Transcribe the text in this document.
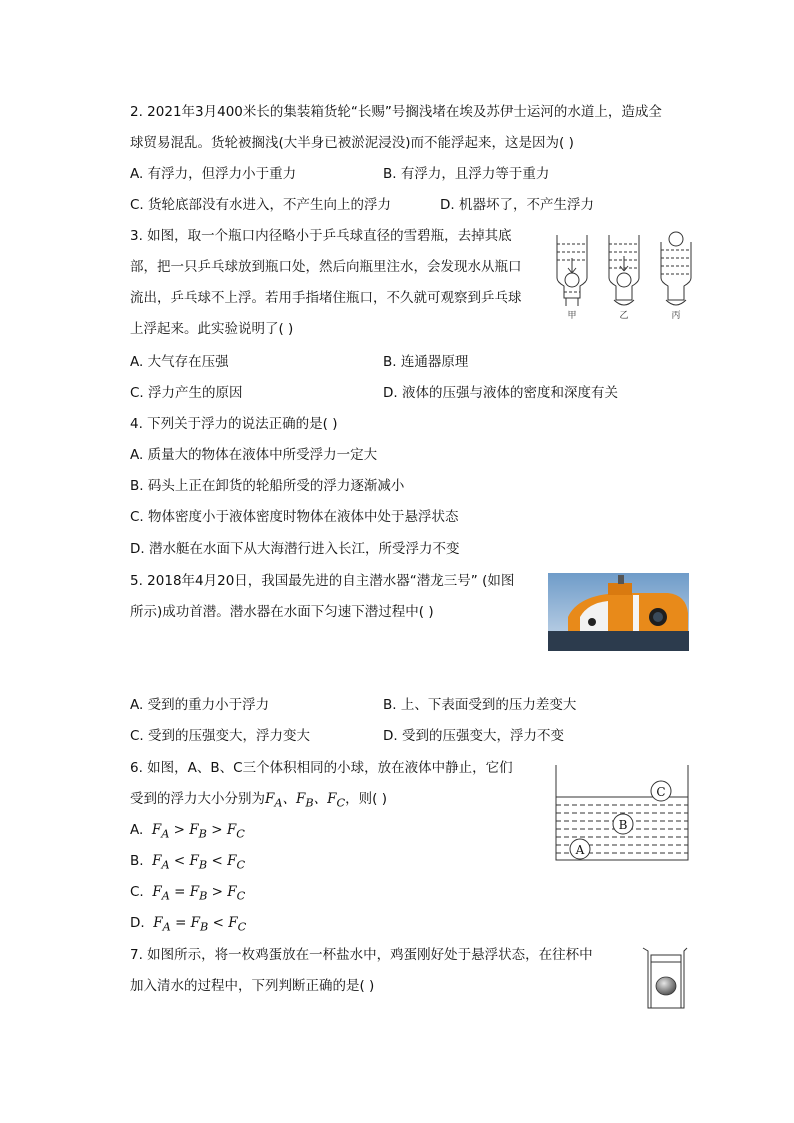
2. 2021年3月400米长的集装箱货轮“长赐”号搁浅堵在埃及苏伊士运河的水道上，造成全
球贸易混乱。货轮被搁浅(大半身已被淤泥浸没)而不能浮起来，这是因为( )
A. 有浮力，但浮力小于重力	B. 有浮力，且浮力等于重力
C. 货轮底部没有水进入，不产生向上的浮力	D. 机器坏了，不产生浮力
3. 如图，取一个瓶口内径略小于乒乓球直径的雪碧瓶，去掉其底
部，把一只乒乓球放到瓶口处，然后向瓶里注水，会发现水从瓶口
流出，乒乓球不上浮。若用手指堵住瓶口，不久就可观察到乒乓球
上浮起来。此实验说明了( )
甲	乙	丙
A. 大气存在压强	B. 连通器原理
C. 浮力产生的原因	D. 液体的压强与液体的密度和深度有关
4. 下列关于浮力的说法正确的是( )
A. 质量大的物体在液体中所受浮力一定大
B. 码头上正在卸货的轮船所受的浮力逐渐减小
C. 物体密度小于液体密度时物体在液体中处于悬浮状态
D. 潜水艇在水面下从大海潜行进入长江，所受浮力不变
5. 2018年4月20日，我国最先进的自主潜水器“潜龙三号” (如图
所示)成功首潜。潜水器在水面下匀速下潜过程中( )
A. 受到的重力小于浮力	B. 上、下表面受到的压力差变大
C. 受到的压强变大，浮力变大	D. 受到的压强变大，浮力不变
6. 如图，A、B、C三个体积相同的小球，放在液体中静止，它们
受到的浮力大小分别为$F_A$、$F_B$、$F_C$，则( )
A
B
C
A.  $F_A > F_B > F_C$
B.  $F_A < F_B < F_C$
C.  $F_A = F_B > F_C$
D.  $F_A = F_B < F_C$
7. 如图所示，将一枚鸡蛋放在一杯盐水中，鸡蛋刚好处于悬浮状态，在往杯中
加入清水的过程中，下列判断正确的是( )
